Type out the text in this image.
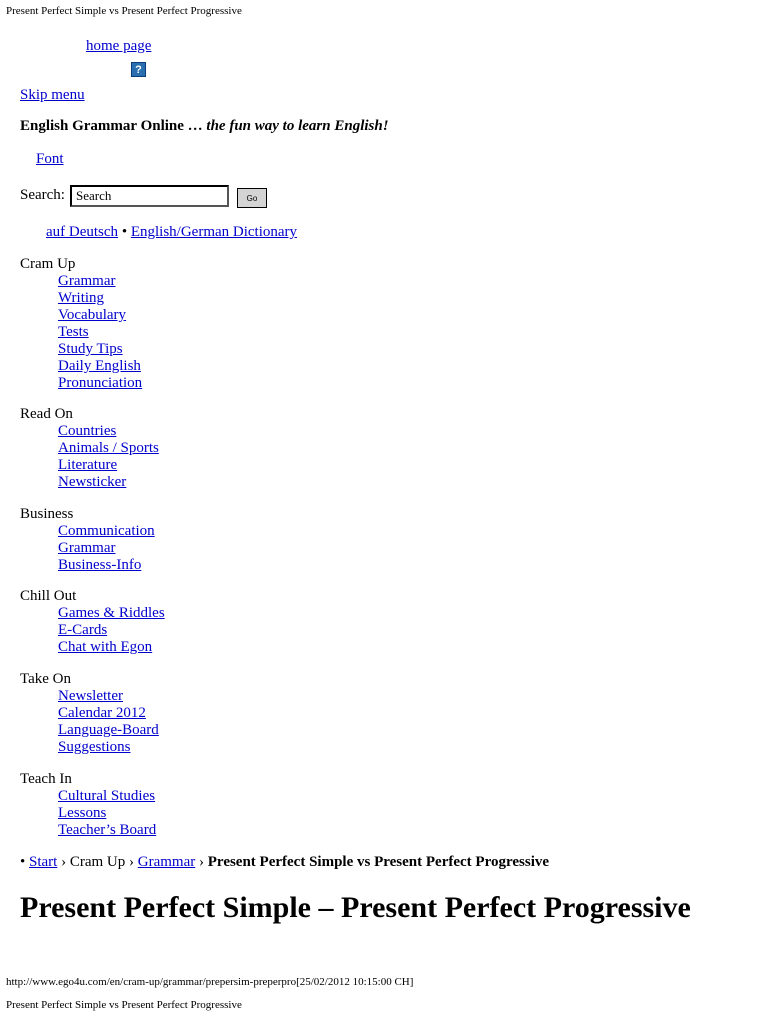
Present Perfect Simple vs Present Perfect Progressive
home page
?
Skip menu
English Grammar Online … the fun way to learn English!
Font
Search:
Search	Go
auf Deutsch • English/German Dictionary
Cram Up
Grammar
Writing
Vocabulary
Tests
Study Tips
Daily English
Pronunciation
Read On
Countries
Animals / Sports
Literature
Newsticker
Business
Communication
Grammar
Business-Info
Chill Out
Games & Riddles
E-Cards
Chat with Egon
Take On
Newsletter
Calendar 2012
Language-Board
Suggestions
Teach In
Cultural Studies
Lessons
Teacher’s Board
• Start › Cram Up › Grammar › Present Perfect Simple vs Present Perfect Progressive
Present Perfect Simple – Present Perfect Progressive
http://www.ego4u.com/en/cram-up/grammar/prepersim-preperpro[25/02/2012 10:15:00 CH]
Present Perfect Simple vs Present Perfect Progressive
